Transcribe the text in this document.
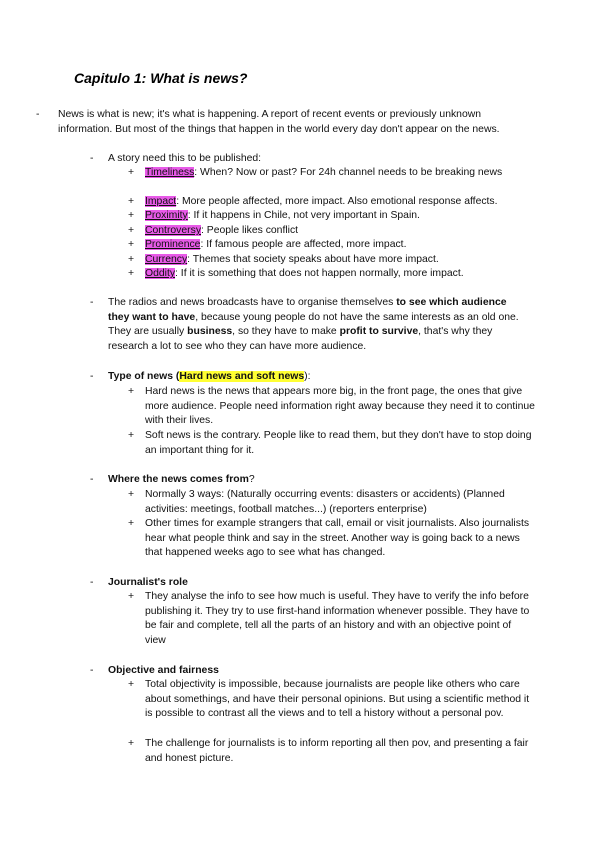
Capitulo 1: What is news?
- News is what is new; it's what is happening. A report of recent events or previously unknown information. But most of the things that happen in the world every day don't appear on the news.
- A story need this to be published:
+ Timeliness: When? Now or past? For 24h channel needs to be breaking news
+ Impact: More people affected, more impact. Also emotional response affects.
+ Proximity: If it happens in Chile, not very important in Spain.
+ Controversy: People likes conflict
+ Prominence: If famous people are affected, more impact.
+ Currency: Themes that society speaks about have more impact.
+ Oddity: If it is something that does not happen normally, more impact.
- The radios and news broadcasts have to organise themselves to see which audience they want to have, because young people do not have the same interests as an old one. They are usually business, so they have to make profit to survive, that's why they research a lot to see who they can have more audience.
- Type of news (Hard news and soft news):
+ Hard news is the news that appears more big, in the front page, the ones that give more audience. People need information right away because they need it to continue with their lives.
+ Soft news is the contrary. People like to read them, but they don't have to stop doing an important thing for it.
- Where the news comes from?
+ Normally 3 ways: (Naturally occurring events: disasters or accidents) (Planned activities: meetings, football matches...) (reporters enterprise)
+ Other times for example strangers that call, email or visit journalists. Also journalists hear what people think and say in the street. Another way is going back to a news that happened weeks ago to see what has changed.
- Journalist's role
+ They analyse the info to see how much is useful. They have to verify the info before publishing it. They try to use first-hand information whenever possible. They have to be fair and complete, tell all the parts of an history and with an objective point of view
- Objective and fairness
+ Total objectivity is impossible, because journalists are people like others who care about somethings, and have their personal opinions. But using a scientific method it is possible to contrast all the views and to tell a history without a personal pov.
+ The challenge for journalists is to inform reporting all then pov, and presenting a fair and honest picture.
